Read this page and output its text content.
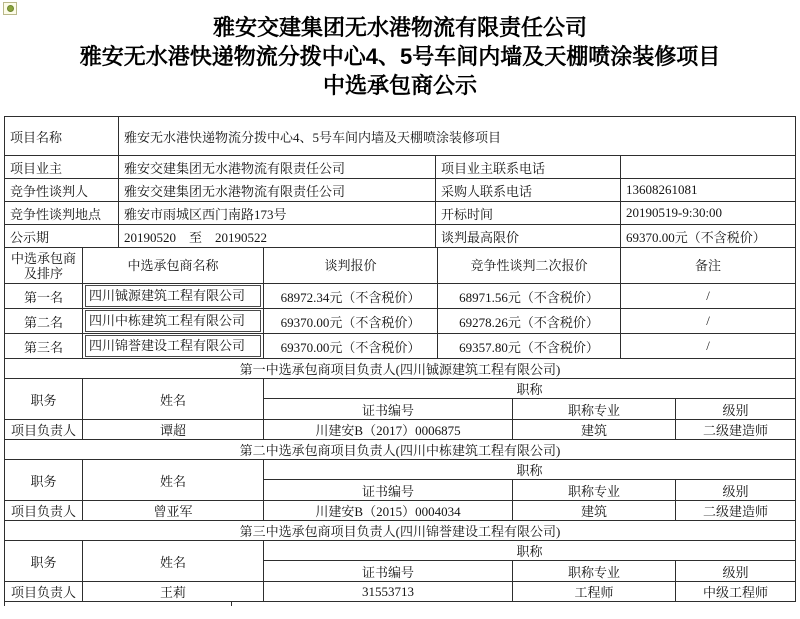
雅安交建集团无水港物流有限责任公司
雅安无水港快递物流分拨中心4、5号车间内墙及天棚喷涂装修项目
中选承包商公示
项目名称	雅安无水港快递物流分拨中心4、5号车间内墙及天棚喷涂装修项目		
项目业主	雅安交建集团无水港物流有限责任公司	项目业主联系电话	
竞争性谈判人	雅安交建集团无水港物流有限责任公司	采购人联系电话	13608261081
竞争性谈判地点	雅安市雨城区西门南路173号	开标时间	20190519-9:30:00
公示期	20190520　至　20190522	谈判最高限价	69370.00元（不含税价）
中选承包商
及排序	中选承包商名称	谈判报价	竞争性谈判二次报价	备注
第一名	四川铖源建筑工程有限公司	68972.34元（不含税价）	68971.56元（不含税价）	/
第二名	四川中栋建筑工程有限公司	69370.00元（不含税价）	69278.26元（不含税价）	/
第三名	四川锦誉建设工程有限公司	69370.00元（不含税价）	69357.80元（不含税价）	/
第一中选承包商项目负责人(四川铖源建筑工程有限公司)				
职务	姓名	职称		
		证书编号	职称专业	级别
项目负责人	谭超	川建安B（2017）0006875	建筑	二级建造师
第二中选承包商项目负责人(四川中栋建筑工程有限公司)				
职务	姓名	职称		
		证书编号	职称专业	级别
项目负责人	曾亚军	川建安B（2015）0004034	建筑	二级建造师
第三中选承包商项目负责人(四川锦誉建设工程有限公司)				
职务	姓名	职称		
		证书编号	职称专业	级别
项目负责人	王莉	31553713	工程师	中级工程师
